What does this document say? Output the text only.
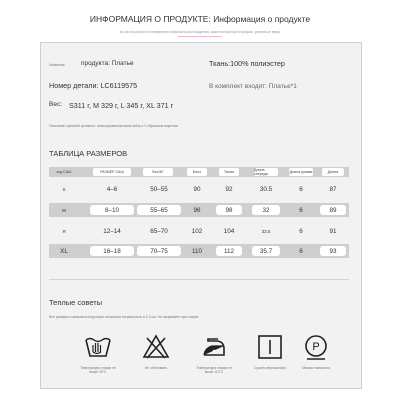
ИНФОРМАЦИЯ О ПРОДУКТЕ: Информация о продукте
Из-за погрешности измерения возможны расхождения, фактические фотографии, реальные вещи
Название	продукта: Платье	Ткань:100% полиэстер
Номер детали: LC6119575	В комплект входят: Платье*1
Вес: S311 г, M 329 г, L 345 г, XL 371 г
Описание горловой артикель: плиссированная мини-юбка с V-образным вырезом
ТАБЛИЦА РАЗМЕРОВ
код США	РАЗМЕР США	Вес/КГ	Бюст	Талия	Длина спереди	Длина рукава	Длина
S	4–6	50–55	90	92	30.5	6	87
M	8–10	55–65	96	98	32	6	89
Я	12–14	65–70	102	104	33.5	6	91
XL	16–18	70–75	110	112	35.7	6	93
Теплые советы
Все размеры измеряются вручную, возможна погрешность в 2-3 см. Не нагревайте при стирке
P
Температура стирки не выше 30°C
Не отбеливать	Температура глажки не выше 110°C
Сушить вертикально	Мягкая химчистка
